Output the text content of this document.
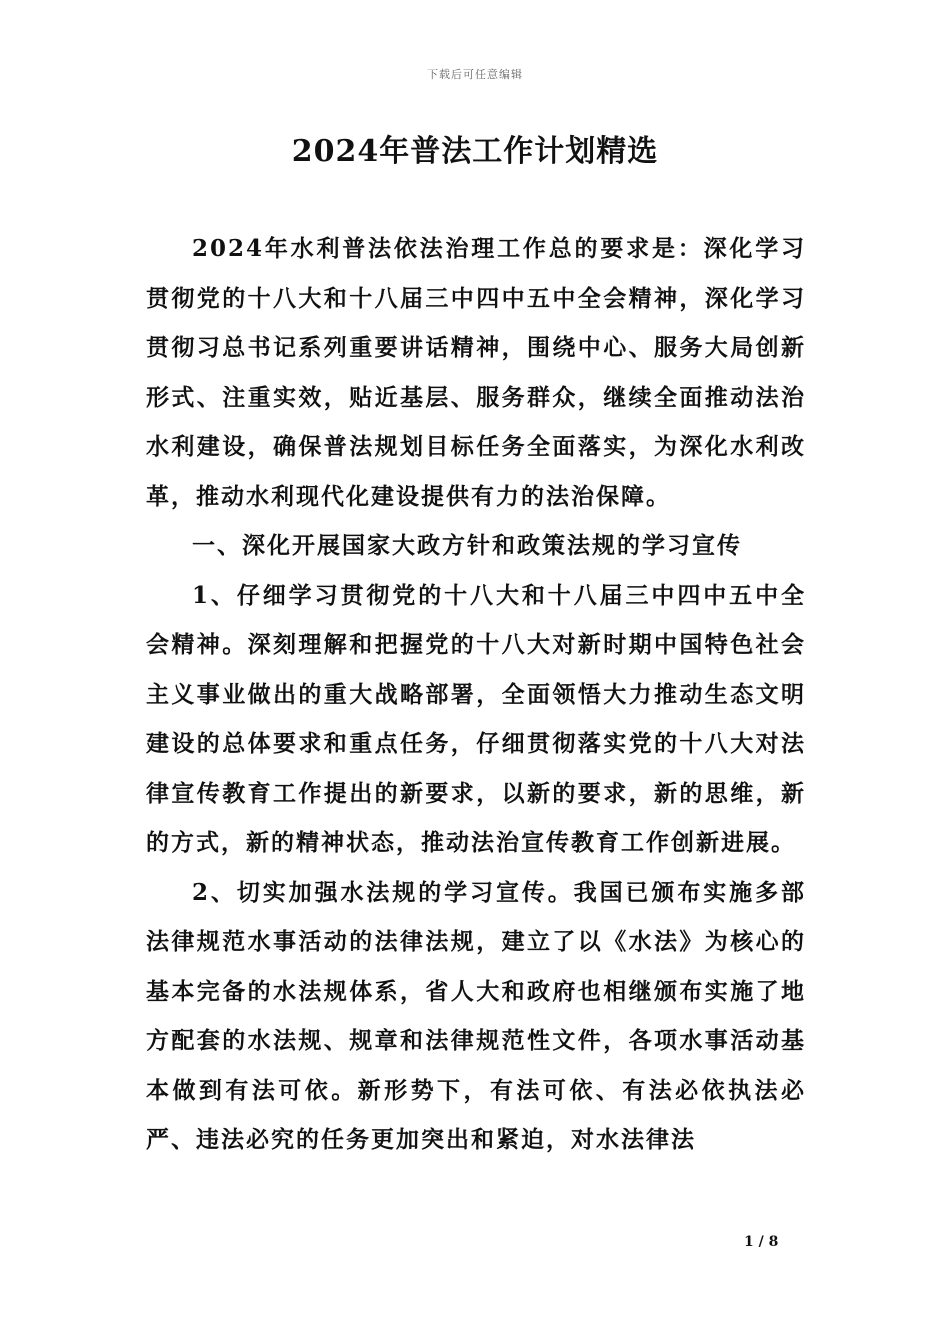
下载后可任意编辑
2024年普法工作计划精选

2024年水利普法依法治理工作总的要求是：深化学习贯彻党的十八大和十八届三中四中五中全会精神，深化学习贯彻习总书记系列重要讲话精神，围绕中心、服务大局创新形式、注重实效，贴近基层、服务群众，继续全面推动法治水利建设，确保普法规划目标任务全面落实，为深化水利改革，推动水利现代化建设提供有力的法治保障。

一、深化开展国家大政方针和政策法规的学习宣传

1、仔细学习贯彻党的十八大和十八届三中四中五中全会精神。深刻理解和把握党的十八大对新时期中国特色社会主义事业做出的重大战略部署，全面领悟大力推动生态文明建设的总体要求和重点任务，仔细贯彻落实党的十八大对法律宣传教育工作提出的新要求，以新的要求，新的思维，新的方式，新的精神状态，推动法治宣传教育工作创新进展。

2、切实加强水法规的学习宣传。我国已颁布实施多部法律规范水事活动的法律法规，建立了以《水法》为核心的基本完备的水法规体系，省人大和政府也相继颁布实施了地方配套的水法规、规章和法律规范性文件，各项水事活动基本做到有法可依。新形势下，有法可依、有法必依执法必严、违法必究的任务更加突出和紧迫，对水法律法

1 / 8
